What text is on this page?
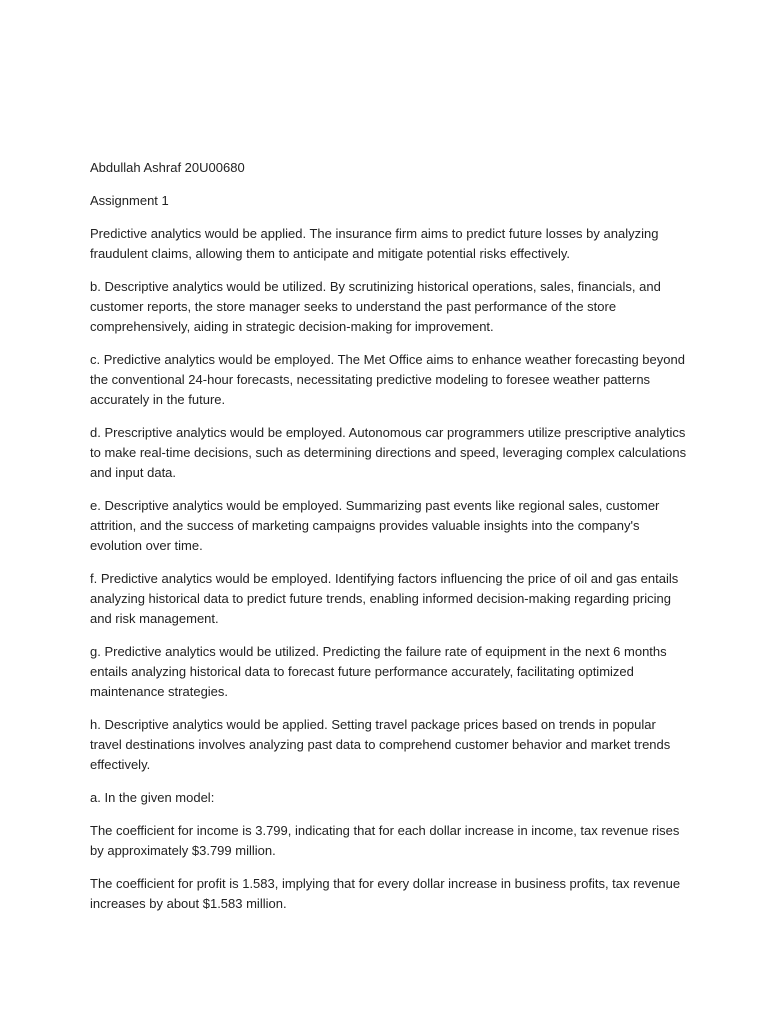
Abdullah Ashraf 20U00680

Assignment 1

Predictive analytics would be applied. The insurance firm aims to predict future losses by analyzing fraudulent claims, allowing them to anticipate and mitigate potential risks effectively.

b. Descriptive analytics would be utilized. By scrutinizing historical operations, sales, financials, and customer reports, the store manager seeks to understand the past performance of the store comprehensively, aiding in strategic decision-making for improvement.

c. Predictive analytics would be employed. The Met Office aims to enhance weather forecasting beyond the conventional 24-hour forecasts, necessitating predictive modeling to foresee weather patterns accurately in the future.

d. Prescriptive analytics would be employed. Autonomous car programmers utilize prescriptive analytics to make real-time decisions, such as determining directions and speed, leveraging complex calculations and input data.

e. Descriptive analytics would be employed. Summarizing past events like regional sales, customer attrition, and the success of marketing campaigns provides valuable insights into the company's evolution over time.

f. Predictive analytics would be employed. Identifying factors influencing the price of oil and gas entails analyzing historical data to predict future trends, enabling informed decision-making regarding pricing and risk management.

g. Predictive analytics would be utilized. Predicting the failure rate of equipment in the next 6 months entails analyzing historical data to forecast future performance accurately, facilitating optimized maintenance strategies.

h. Descriptive analytics would be applied. Setting travel package prices based on trends in popular travel destinations involves analyzing past data to comprehend customer behavior and market trends effectively.

a. In the given model:

The coefficient for income is 3.799, indicating that for each dollar increase in income, tax revenue rises by approximately $3.799 million.

The coefficient for profit is 1.583, implying that for every dollar increase in business profits, tax revenue increases by about $1.583 million.
